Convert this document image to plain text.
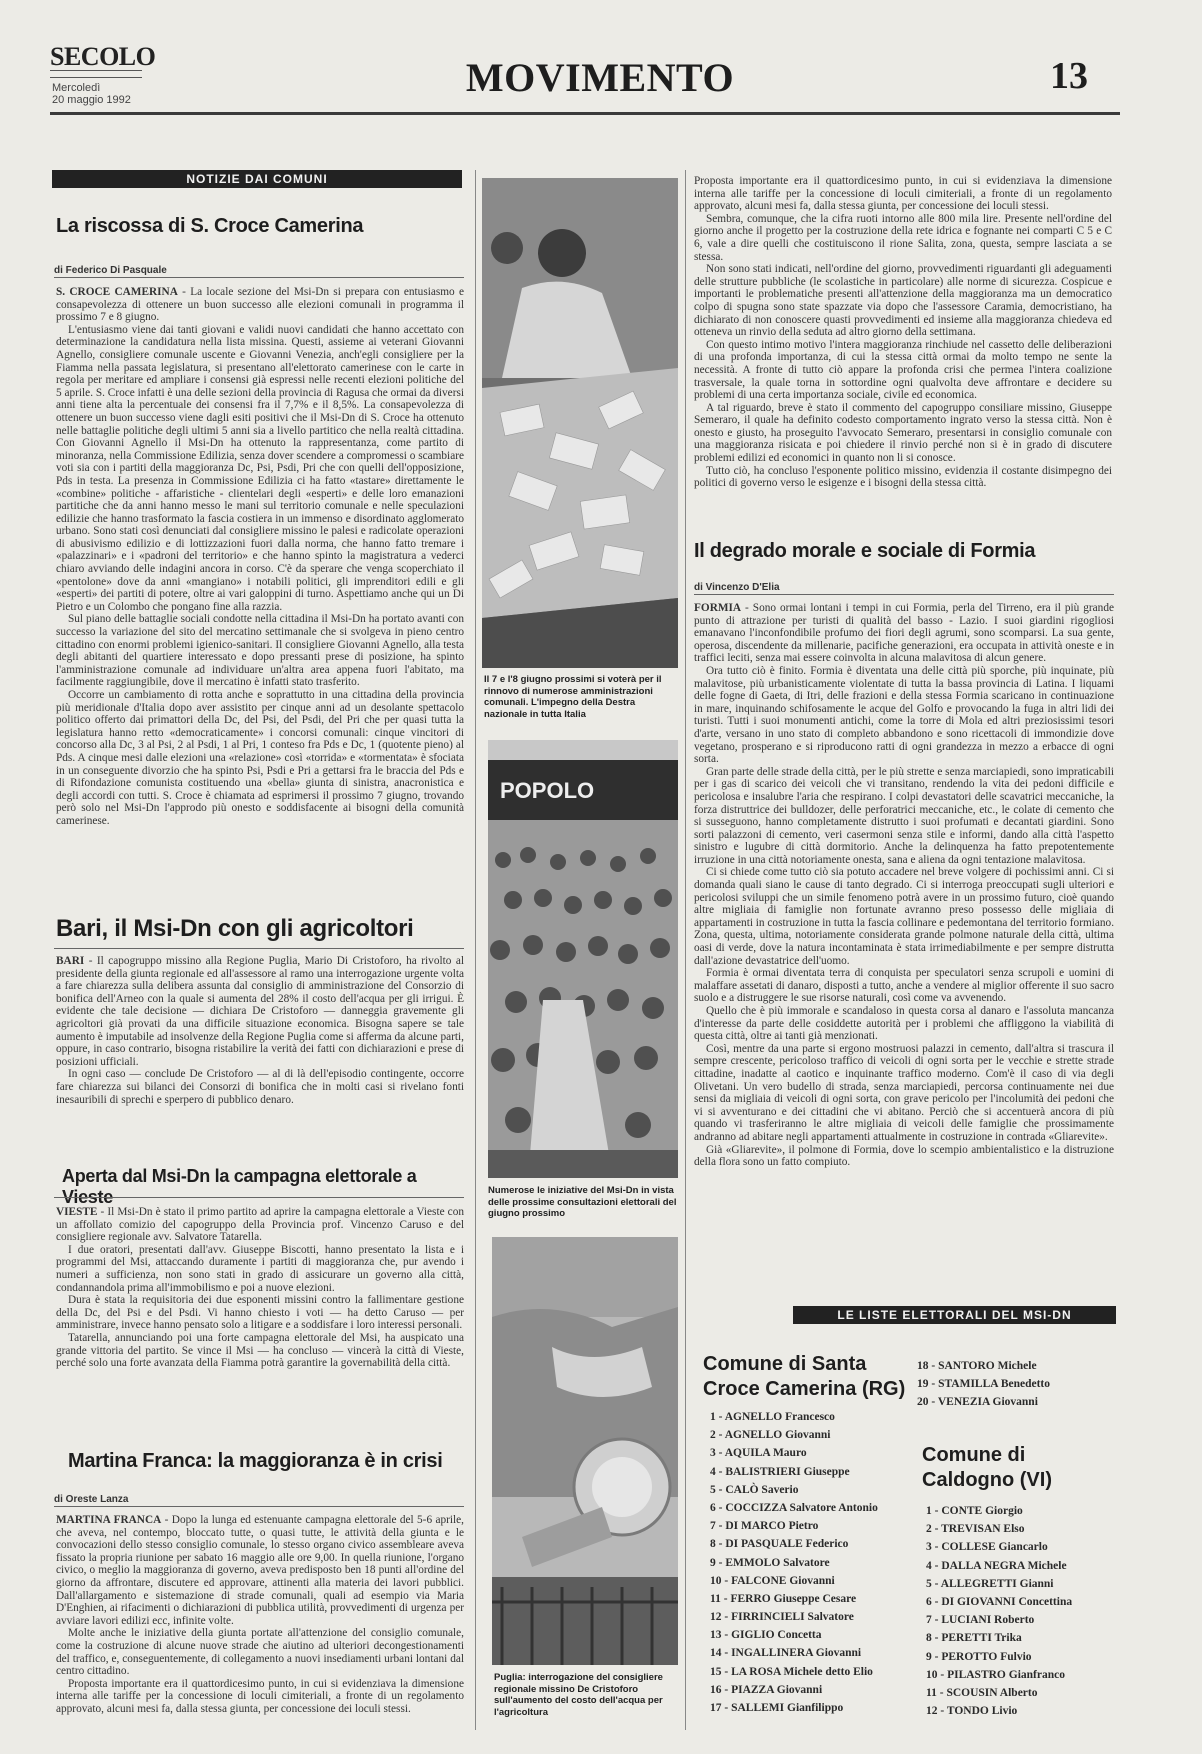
SECOLO
Mercoledì
20 maggio 1992	MOVIMENTO	13
NOTIZIE DAI COMUNI
La riscossa di S. Croce Camerina
di Federico Di Pasquale

S. CROCE CAMERINA - La locale sezione del Msi-Dn si prepara con entusiasmo e consapevolezza di ottenere un buon successo alle elezioni comunali in programma il prossimo 7 e 8 giugno.

L'entusiasmo viene dai tanti giovani e validi nuovi candidati che hanno accettato con determinazione la candidatura nella lista missina. Questi, assieme ai veterani Giovanni Agnello, consigliere comunale uscente e Giovanni Venezia, anch'egli consigliere per la Fiamma nella passata legislatura, si presentano all'elettorato camerinese con le carte in regola per meritare ed ampliare i consensi già espressi nelle recenti elezioni politiche del 5 aprile. S. Croce infatti è una delle sezioni della provincia di Ragusa che ormai da diversi anni tiene alta la percentuale dei consensi fra il 7,7% e il 8,5%. La consapevolezza di ottenere un buon successo viene dagli esiti positivi che il Msi-Dn di S. Croce ha ottenuto nelle battaglie politiche degli ultimi 5 anni sia a livello partitico che nella realtà cittadina. Con Giovanni Agnello il Msi-Dn ha ottenuto la rappresentanza, come partito di minoranza, nella Commissione Edilizia, senza dover scendere a compromessi o scambiare voti sia con i partiti della maggioranza Dc, Psi, Psdi, Pri che con quelli dell'opposizione, Pds in testa. La presenza in Commissione Edilizia ci ha fatto «tastare» direttamente le «combine» politiche - affaristiche - clientelari degli «esperti» e delle loro emanazioni partitiche che da anni hanno messo le mani sul territorio comunale e nelle speculazioni edilizie che hanno trasformato la fascia costiera in un immenso e disordinato agglomerato urbano. Sono stati così denunciati dal consigliere missino le palesi e radicolate operazioni di abusivismo edilizio e di lottizzazioni fuori dalla norma, che hanno fatto tremare i «palazzinari» e i «padroni del territorio» e che hanno spinto la magistratura a vederci chiaro avviando delle indagini ancora in corso. C'è da sperare che venga scoperchiato il «pentolone» dove da anni «mangiano» i notabili politici, gli imprenditori edili e gli «esperti» dei partiti di potere, oltre ai vari galoppini di turno. Aspettiamo anche qui un Di Pietro e un Colombo che pongano fine alla razzia.

Sul piano delle battaglie sociali condotte nella cittadina il Msi-Dn ha portato avanti con successo la variazione del sito del mercatino settimanale che si svolgeva in pieno centro cittadino con enormi problemi igienico-sanitari. Il consigliere Giovanni Agnello, alla testa degli abitanti del quartiere interessato e dopo pressanti prese di posizione, ha spinto l'amministrazione comunale ad individuare un'altra area appena fuori l'abitato, ma facilmente raggiungibile, dove il mercatino è infatti stato trasferito.

Occorre un cambiamento di rotta anche e soprattutto in una cittadina della provincia più meridionale d'Italia dopo aver assistito per cinque anni ad un desolante spettacolo politico offerto dai primattori della Dc, del Psi, del Psdi, del Pri che per quasi tutta la legislatura hanno retto «democraticamente» i concorsi comunali: cinque vincitori di concorso alla Dc, 3 al Psi, 2 al Psdi, 1 al Pri, 1 conteso fra Pds e Dc, 1 (quotente pieno) al Pds. A cinque mesi dalle elezioni una «relazione» così «torrida» e «tormentata» è sfociata in un conseguente divorzio che ha spinto Psi, Psdi e Pri a gettarsi fra le braccia del Pds e di Rifondazione comunista costituendo una «bella» giunta di sinistra, anacronistica e degli accordi con tutti. S. Croce è chiamata ad esprimersi il prossimo 7 giugno, trovando però solo nel Msi-Dn l'approdo più onesto e soddisfacente ai bisogni della comunità camerinese.

Bari, il Msi-Dn con gli agricoltori

BARI - Il capogruppo missino alla Regione Puglia, Mario Di Cristoforo, ha rivolto al presidente della giunta regionale ed all'assessore al ramo una interrogazione urgente volta a fare chiarezza sulla delibera assunta dal consiglio di amministrazione del Consorzio di bonifica dell'Arneo con la quale si aumenta del 28% il costo dell'acqua per gli irrigui. È evidente che tale decisione — dichiara De Cristoforo — danneggia gravemente gli agricoltori già provati da una difficile situazione economica. Bisogna sapere se tale aumento è imputabile ad insolvenze della Regione Puglia come si afferma da alcune parti, oppure, in caso contrario, bisogna ristabilire la verità dei fatti con dichiarazioni e prese di posizioni ufficiali.

In ogni caso — conclude De Cristoforo — al di là dell'episodio contingente, occorre fare chiarezza sui bilanci dei Consorzi di bonifica che in molti casi si rivelano fonti inesauribili di sprechi e sperpero di pubblico denaro.

Aperta dal Msi-Dn la campagna elettorale a Vieste

VIESTE - Il Msi-Dn è stato il primo partito ad aprire la campagna elettorale a Vieste con un affollato comizio del capogruppo della Provincia prof. Vincenzo Caruso e del consigliere regionale avv. Salvatore Tatarella.

I due oratori, presentati dall'avv. Giuseppe Biscotti, hanno presentato la lista e i programmi del Msi, attaccando duramente i partiti di maggioranza che, pur avendo i numeri a sufficienza, non sono stati in grado di assicurare un governo alla città, condannandola prima all'immobilismo e poi a nuove elezioni.

Dura è stata la requisitoria dei due esponenti missini contro la fallimentare gestione della Dc, del Psi e del Psdi. Vi hanno chiesto i voti — ha detto Caruso — per amministrare, invece hanno pensato solo a litigare e a soddisfare i loro interessi personali.

Tatarella, annunciando poi una forte campagna elettorale del Msi, ha auspicato una grande vittoria del partito. Se vince il Msi — ha concluso — vincerà la città di Vieste, perché solo una forte avanzata della Fiamma potrà garantire la governabilità della città.

Martina Franca: la maggioranza è in crisi
di Oreste Lanza

MARTINA FRANCA - Dopo la lunga ed estenuante campagna elettorale del 5-6 aprile, che aveva, nel contempo, bloccato tutte, o quasi tutte, le attività della giunta e le convocazioni dello stesso consiglio comunale, lo stesso organo civico assembleare aveva fissato la propria riunione per sabato 16 maggio alle ore 9,00. In quella riunione, l'organo civico, o meglio la maggioranza di governo, aveva predisposto ben 18 punti all'ordine del giorno da affrontare, discutere ed approvare, attinenti alla materia dei lavori pubblici. Dall'allargamento e sistemazione di strade comunali, quali ad esempio via Maria D'Enghien, ai rifacimenti o dichiarazioni di pubblica utilità, provvedimenti di urgenza per avviare lavori edilizi ecc, infinite volte.

Molte anche le iniziative della giunta portate all'attenzione del consiglio comunale, come la costruzione di alcune nuove strade che aiutino ad ulteriori decongestionamenti del traffico, e, conseguentemente, di collegamento a nuovi insediamenti urbani lontani dal centro cittadino.

Proposta importante era il quattordicesimo punto, in cui si evidenziava la dimensione interna alle tariffe per la concessione di loculi cimiteriali, a fronte di un regolamento approvato, alcuni mesi fa, dalla stessa giunta, per concessione dei loculi stessi.

Il 7 e l'8 giugno prossimi si voterà per il rinnovo di numerose amministrazioni comunali. L'impegno della Destra nazionale in tutta Italia
POPOLO
Numerose le iniziative del Msi-Dn in vista delle prossime consultazioni elettorali del giugno prossimo
Puglia: interrogazione del consigliere regionale missino De Cristoforo sull'aumento del costo dell'acqua per l'agricoltura

Proposta importante era il quattordicesimo punto, in cui si evidenziava la dimensione interna alle tariffe per la concessione di loculi cimiteriali, a fronte di un regolamento approvato, alcuni mesi fa, dalla stessa giunta, per concessione dei loculi stessi.

Sembra, comunque, che la cifra ruoti intorno alle 800 mila lire. Presente nell'ordine del giorno anche il progetto per la costruzione della rete idrica e fognante nei comparti C 5 e C 6, vale a dire quelli che costituiscono il rione Salita, zona, questa, sempre lasciata a se stessa.

Non sono stati indicati, nell'ordine del giorno, provvedimenti riguardanti gli adeguamenti delle strutture pubbliche (le scolastiche in particolare) alle norme di sicurezza. Cospicue e importanti le problematiche presenti all'attenzione della maggioranza ma un democratico colpo di spugna sono state spazzate via dopo che l'assessore Caramia, democristiano, ha dichiarato di non conoscere quasti provvedimenti ed insieme alla maggioranza chiedeva ed otteneva un rinvio della seduta ad altro giorno della settimana.

Con questo intimo motivo l'intera maggioranza rinchiude nel cassetto delle deliberazioni di una profonda importanza, di cui la stessa città ormai da molto tempo ne sente la necessità. A fronte di tutto ciò appare la profonda crisi che permea l'intera coalizione trasversale, la quale torna in sottordine ogni qualvolta deve affrontare e decidere su problemi di una certa importanza sociale, civile ed economica.

A tal riguardo, breve è stato il commento del capogruppo consiliare missino, Giuseppe Semeraro, il quale ha definito codesto comportamento ingrato verso la stessa città. Non è onesto e giusto, ha proseguito l'avvocato Semeraro, presentarsi in consiglio comunale con una maggioranza risicata e poi chiedere il rinvio perché non si è in grado di discutere problemi edilizi ed economici in quanto non li si conosce.

Tutto ciò, ha concluso l'esponente politico missino, evidenzia il costante disimpegno dei politici di governo verso le esigenze e i bisogni della stessa città.

Il degrado morale e sociale di Formia
di Vincenzo D'Elia

FORMIA - Sono ormai lontani i tempi in cui Formia, perla del Tirreno, era il più grande punto di attrazione per turisti di qualità del basso - Lazio. I suoi giardini rigogliosi emanavano l'inconfondibile profumo dei fiori degli agrumi, sono scomparsi. La sua gente, operosa, discendente da millenarie, pacifiche generazioni, era occupata in attività oneste e in traffici leciti, senza mai essere coinvolta in alcuna malavitosa di alcun genere.

Ora tutto ciò è finito. Formia è diventata una delle città più sporche, più inquinate, più malavitose, più urbanisticamente violentate di tutta la bassa provincia di Latina. I liquami delle fogne di Gaeta, di Itri, delle frazioni e della stessa Formia scaricano in continuazione in mare, inquinando schifosamente le acque del Golfo e provocando la fuga in altri lidi dei turisti. Tutti i suoi monumenti antichi, come la torre di Mola ed altri preziosissimi tesori d'arte, versano in uno stato di completo abbandono e sono ricettacoli di immondizie dove vegetano, prosperano e si riproducono ratti di ogni grandezza in mezzo a erbacce di ogni sorta.

Gran parte delle strade della città, per le più strette e senza marciapiedi, sono impraticabili per i gas di scarico dei veicoli che vi transitano, rendendo la vita dei pedoni difficile e pericolosa e insalubre l'aria che respirano. I colpi devastatori delle scavatrici meccaniche, la forza distruttrice dei bulldozer, delle perforatrici meccaniche, etc., le colate di cemento che si susseguono, hanno completamente distrutto i suoi profumati e decantati giardini. Sono sorti palazzoni di cemento, veri casermoni senza stile e informi, dando alla città l'aspetto sinistro e lugubre di città dormitorio. Anche la delinquenza ha fatto prepotentemente irruzione in una città notoriamente onesta, sana e aliena da ogni tentazione malavitosa.

Ci si chiede come tutto ciò sia potuto accadere nel breve volgere di pochissimi anni. Ci si domanda quali siano le cause di tanto degrado. Ci si interroga preoccupati sugli ulteriori e pericolosi sviluppi che un simile fenomeno potrà avere in un prossimo futuro, cioè quando altre migliaia di famiglie non fortunate avranno preso possesso delle migliaia di appartamenti in costruzione in tutta la fascia collinare e pedemontana del territorio formiano. Zona, questa, ultima, notoriamente considerata grande polmone naturale della città, ultima oasi di verde, dove la natura incontaminata è stata irrimediabilmente e per sempre distrutta dall'azione devastatrice dell'uomo.

Formia è ormai diventata terra di conquista per speculatori senza scrupoli e uomini di malaffare assetati di danaro, disposti a tutto, anche a vendere al miglior offerente il suo sacro suolo e a distruggere le sue risorse naturali, così come va avvenendo.

Quello che è più immorale e scandaloso in questa corsa al danaro e l'assoluta mancanza d'interesse da parte delle cosiddette autorità per i problemi che affliggono la viabilità di questa città, oltre ai tanti già menzionati.

Così, mentre da una parte si ergono mostruosi palazzi in cemento, dall'altra si trascura il sempre crescente, pericoloso traffico di veicoli di ogni sorta per le vecchie e strette strade cittadine, inadatte al caotico e inquinante traffico moderno. Com'è il caso di via degli Olivetani. Un vero budello di strada, senza marciapiedi, percorsa continuamente nei due sensi da migliaia di veicoli di ogni sorta, con grave pericolo per l'incolumità dei pedoni che vi si avventurano e dei cittadini che vi abitano. Perciò che si accentuerà ancora di più quando vi trasferiranno le altre migliaia di veicoli delle famiglie che prossimamente andranno ad abitare negli appartamenti attualmente in costruzione in contrada «Gliarevite».

Già «Gliarevite», il polmone di Formia, dove lo scempio ambientalistico e la distruzione della flora sono un fatto compiuto.

LE LISTE ELETTORALI DEL MSI-DN
Comune di Santa Croce Camerina (RG)
1 - AGNELLO Francesco
2 - AGNELLO Giovanni
3 - AQUILA Mauro
4 - BALISTRIERI Giuseppe
5 - CALÒ Saverio
6 - COCCIZZA Salvatore Antonio
7 - DI MARCO Pietro
8 - DI PASQUALE Federico
9 - EMMOLO Salvatore
10 - FALCONE Giovanni
11 - FERRO Giuseppe Cesare
12 - FIRRINCIELI Salvatore
13 - GIGLIO Concetta
14 - INGALLINERA Giovanni
15 - LA ROSA Michele detto Elio
16 - PIAZZA Giovanni
17 - SALLEMI Gianfilippo
18 - SANTORO Michele
19 - STAMILLA Benedetto
20 - VENEZIA Giovanni
Comune di Caldogno (VI)
1 - CONTE Giorgio
2 - TREVISAN Elso
3 - COLLESE Giancarlo
4 - DALLA NEGRA Michele
5 - ALLEGRETTI Gianni
6 - DI GIOVANNI Concettina
7 - LUCIANI Roberto
8 - PERETTI Trika
9 - PEROTTO Fulvio
10 - PILASTRO Gianfranco
11 - SCOUSIN Alberto
12 - TONDO Livio
